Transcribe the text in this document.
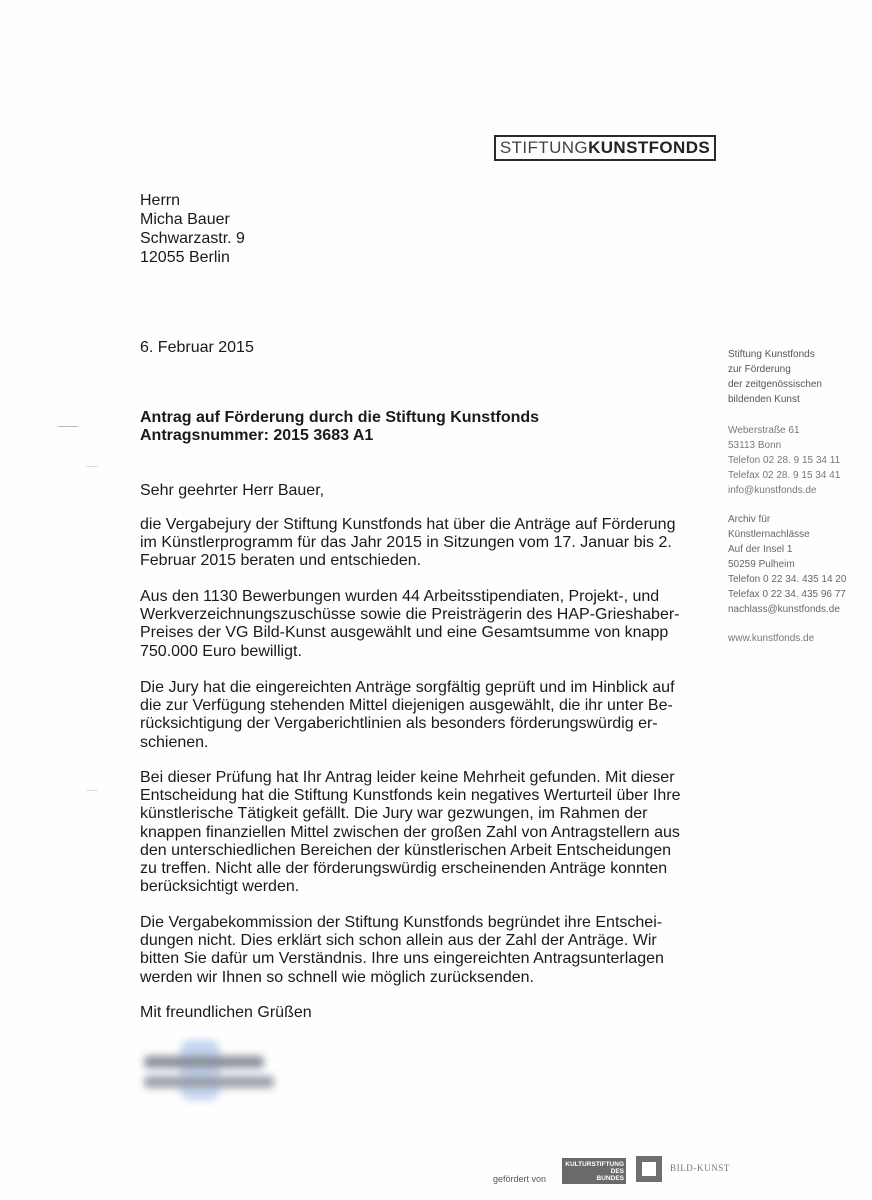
STIFTUNG KUNSTFONDS
Herrn
Micha Bauer
Schwarzastr. 9
12055 Berlin
6. Februar 2015
Antrag auf Förderung durch die Stiftung Kunstfonds
Antragsnummer: 2015 3683 A1

Sehr geehrter Herr Bauer,

die Vergabejury der Stiftung Kunstfonds hat über die Anträge auf Förderung

im Künstlerprogramm für das Jahr 2015 in Sitzungen vom 17. Januar bis 2.

Februar 2015 beraten und entschieden.

Aus den 1130 Bewerbungen wurden 44 Arbeitsstipendiaten, Projekt-, und

Werkverzeichnungszuschüsse sowie die Preisträgerin des HAP-Grieshaber-

Preises der VG Bild-Kunst ausgewählt und eine Gesamtsumme von knapp

750.000 Euro bewilligt.

Die Jury hat die eingereichten Anträge sorgfältig geprüft und im Hinblick auf

die zur Verfügung stehenden Mittel diejenigen ausgewählt, die ihr unter Be-

rücksichtigung der Vergaberichtlinien als besonders förderungswürdig er-

schienen.

Bei dieser Prüfung hat Ihr Antrag leider keine Mehrheit gefunden. Mit dieser

Entscheidung hat die Stiftung Kunstfonds kein negatives Werturteil über Ihre

künstlerische Tätigkeit gefällt. Die Jury war gezwungen, im Rahmen der

knappen finanziellen Mittel zwischen der großen Zahl von Antragstellern aus

den unterschiedlichen Bereichen der künstlerischen Arbeit Entscheidungen

zu treffen. Nicht alle der förderungswürdig erscheinenden Anträge konnten

berücksichtigt werden.

Die Vergabekommission der Stiftung Kunstfonds begründet ihre Entschei-

dungen nicht. Dies erklärt sich schon allein aus der Zahl der Anträge. Wir

bitten Sie dafür um Verständnis. Ihre uns eingereichten Antragsunterlagen

werden wir Ihnen so schnell wie möglich zurücksenden.

Mit freundlichen Grüßen

Stiftung Kunstfonds
zur Förderung
der zeitgenössischen
bildenden Kunst
Weberstraße 61
53113 Bonn
Telefon 02 28. 9 15 34 11
Telefax 02 28. 9 15 34 41
info@kunstfonds.de
Archiv für
Künstlernachlässe
Auf der Insel 1
50259 Pulheim
Telefon 0 22 34. 435 14 20
Telefax 0 22 34. 435 96 77
nachlass@kunstfonds.de
www.kunstfonds.de
gefördert von
KULTURSTIFTUNG
DES
BUNDES
BILD-KUNST
